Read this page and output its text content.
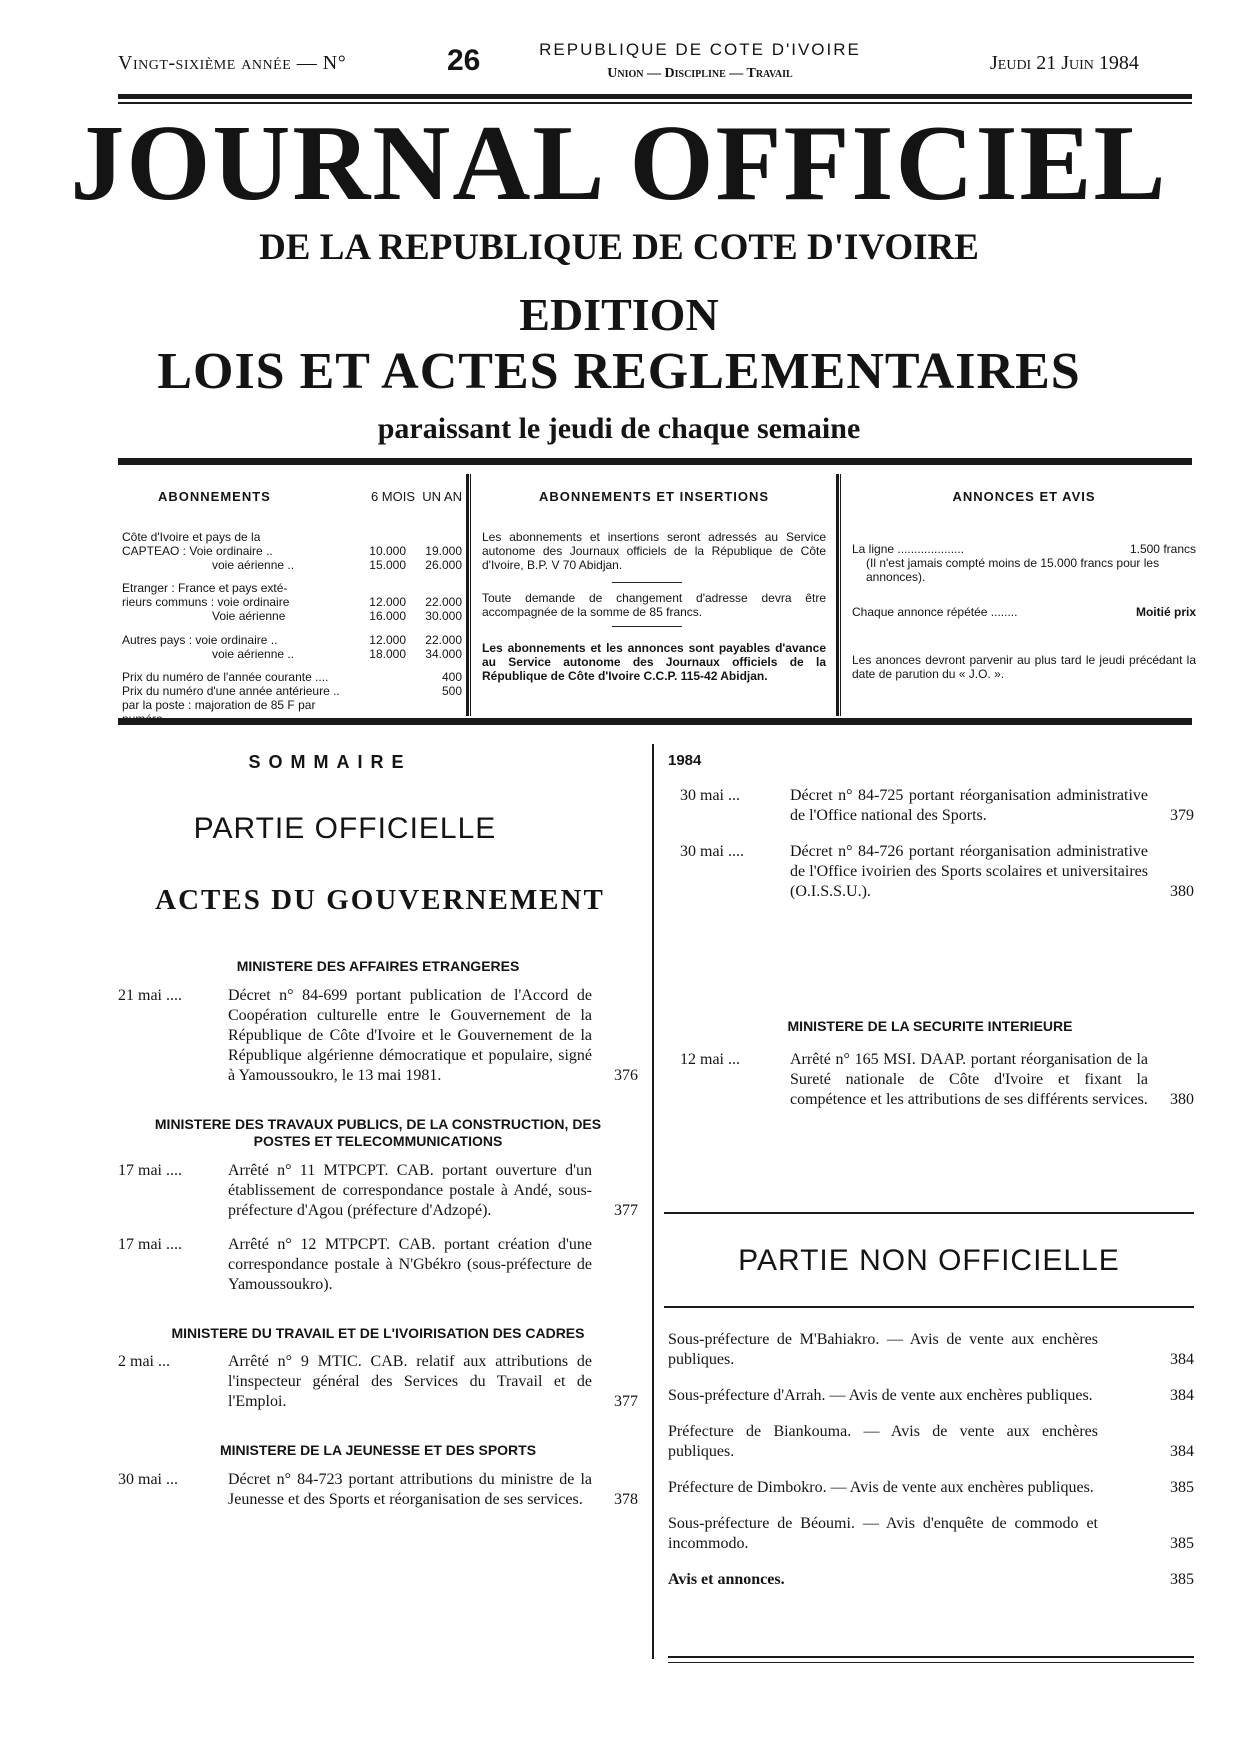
Vingt-sixième année — N°	26	REPUBLIQUE DE COTE D'IVOIRE
Union — Discipline — Travail	Jeudi 21 Juin 1984
JOURNAL OFFICIEL
DE LA REPUBLIQUE DE COTE D'IVOIRE
EDITION
LOIS ET ACTES REGLEMENTAIRES
paraissant le jeudi de chaque semaine
ABONNEMENTS	6 MOIS UN AN
Côte d'Ivoire et pays de la
CAPTEAO : Voie ordinaire ..	10.000	19.000
voie aérienne ..	15.000	26.000
Etranger : France et pays exté-
rieurs communs : voie ordinaire	12.000	22.000
Voie aérienne	16.000	30.000
Autres pays : voie ordinaire ..	12.000	22.000
voie aérienne ..	18.000	34.000
Prix du numéro de l'année courante ....	400
Prix du numéro d'une année antérieure ..	500
par la poste : majoration de 85 F par
ABONNEMENTS ET INSERTIONS
Les abonnements et insertions seront adressés au Service autonome des Journaux officiels de la République de Côte d'Ivoire, B.P. V 70 Abidjan.
Toute demande de changement d'adresse devra être accompagnée de la somme de 85 francs.
Les abonnements et les annonces sont payables d'avance au Service autonome des Journaux officiels de la République de Côte d'Ivoire C.C.P. 115-42 Abidjan.
ANNONCES ET AVIS
La ligne ....................	1.500 francs
(Il n'est jamais compté moins de 15.000 francs pour les annonces).
Chaque annonce répétée ........	Moitié prix
Les anonces devront parvenir au plus tard le jeudi précédant la date de parution du « J.O. ».
SOMMAIRE
PARTIE OFFICIELLE
ACTES DU GOUVERNEMENT
MINISTERE DES AFFAIRES ETRANGERES
21 mai ....	Décret n° 84-699 portant publication de l'Accord de Coopération culturelle entre le Gouvernement de la République de Côte d'Ivoire et le Gouvernement de la République algérienne démocratique et populaire, signé à Yamoussoukro, le 13 mai 1981.	376
MINISTERE DES TRAVAUX PUBLICS, DE LA CONSTRUCTION, DES POSTES ET TELECOMMUNICATIONS
17 mai ....	Arrêté n° 11 MTPCPT. CAB. portant ouverture d'un établissement de correspondance postale à Andé, sous-préfecture d'Agou (préfecture d'Adzopé).	377
17 mai ....	Arrêté n° 12 MTPCPT. CAB. portant création d'une correspondance postale à N'Gbékro (sous-préfecture de Yamoussoukro).
MINISTERE DU TRAVAIL ET DE L'IVOIRISATION DES CADRES
2 mai ...	Arrêté n° 9 MTIC. CAB. relatif aux attributions de l'inspecteur général des Services du Travail et de l'Emploi.	377
MINISTERE DE LA JEUNESSE ET DES SPORTS
30 mai ...	Décret n° 84-723 portant attributions du ministre de la Jeunesse et des Sports et réorganisation de ses services.	378
1984
30 mai ...	Décret n° 84-725 portant réorganisation administrative de l'Office national des Sports.	379
30 mai ....	Décret n° 84-726 portant réorganisation administrative de l'Office ivoirien des Sports scolaires et universitaires (O.I.S.S.U.).	380
MINISTERE DE LA SECURITE INTERIEURE
12 mai ...	Arrêté n° 165 MSI. DAAP. portant réorganisation de la Sureté nationale de Côte d'Ivoire et fixant la compétence et les attributions de ses différents services.	380
PARTIE NON OFFICIELLE
Sous-préfecture de M'Bahiakro. — Avis de vente aux enchères publiques.	384
Sous-préfecture d'Arrah. — Avis de vente aux enchères publiques.	384
Préfecture de Biankouma. — Avis de vente aux enchères publiques.	384
Préfecture de Dimbokro. — Avis de vente aux enchères publiques.	385
Sous-préfecture de Béoumi. — Avis d'enquête de commodo et incommodo.	385
Avis et annonces.	385
